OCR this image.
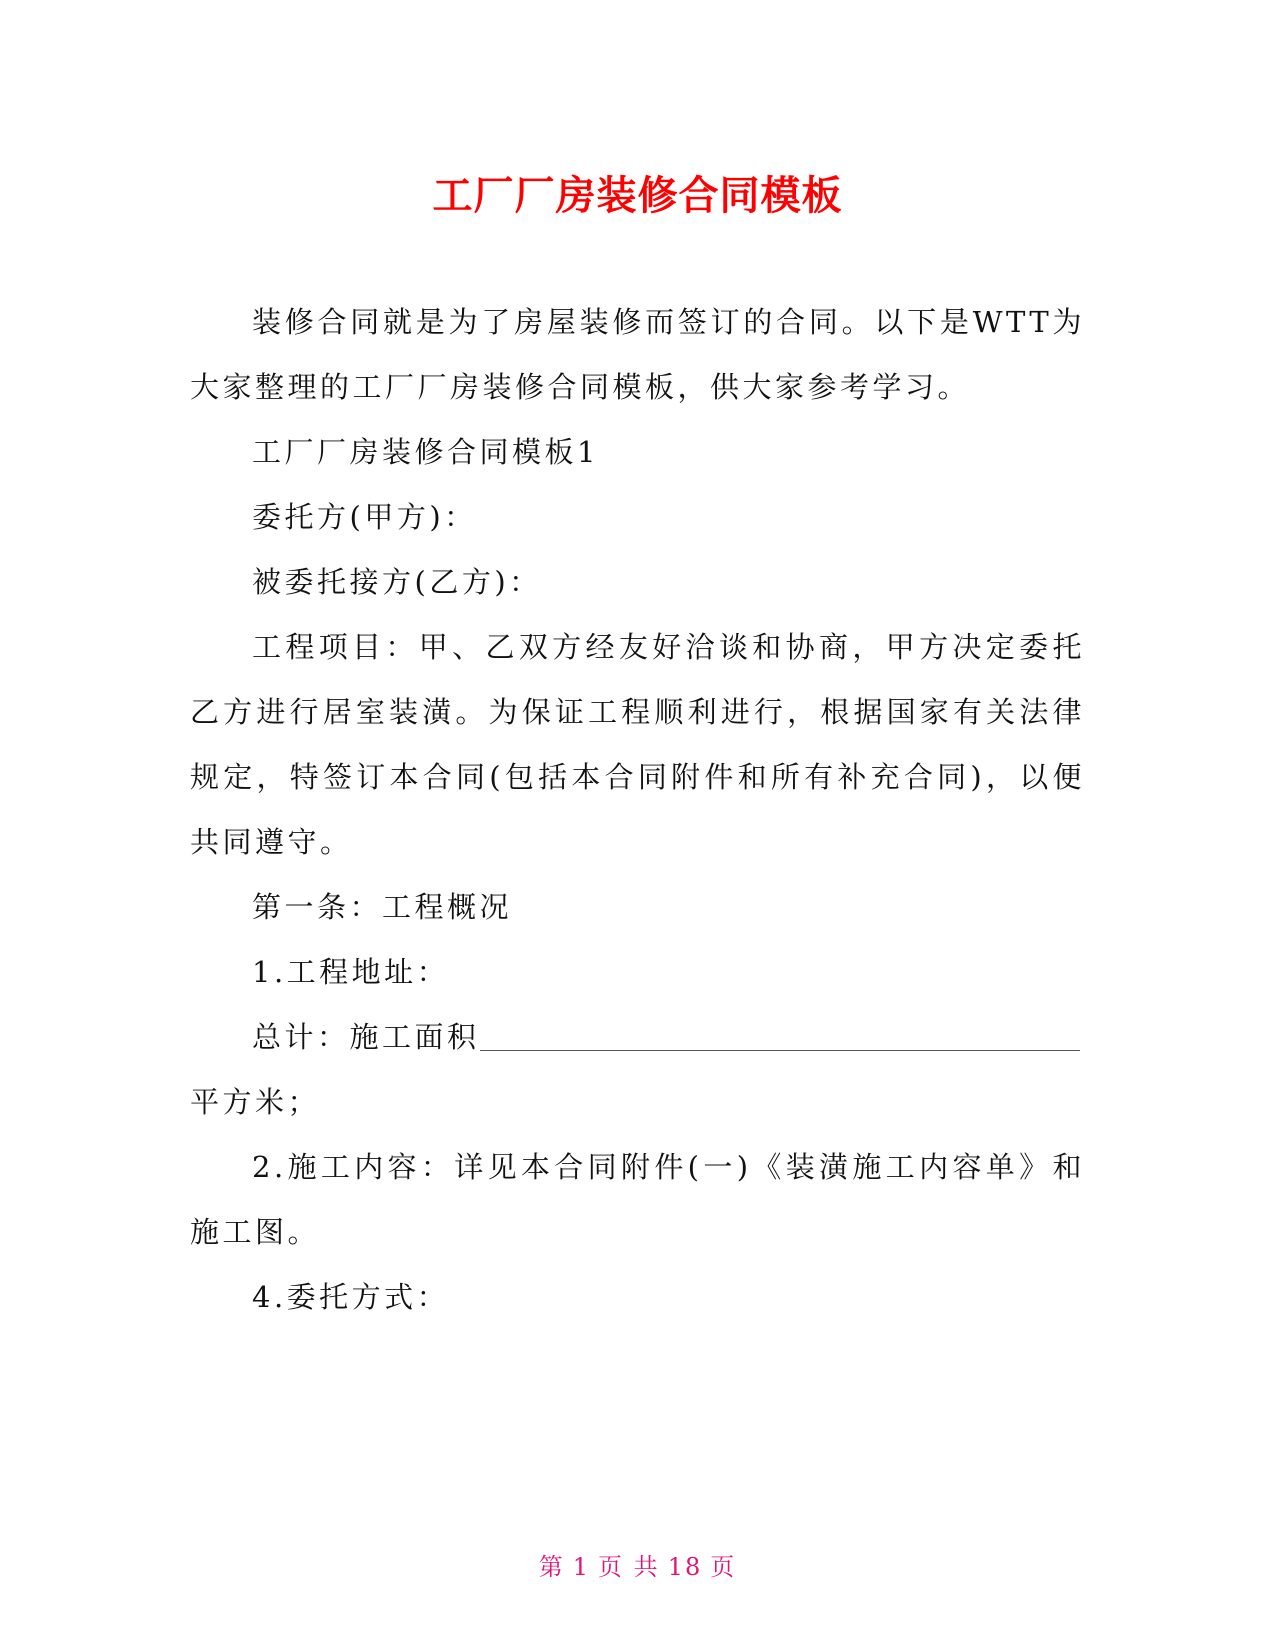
工厂厂房装修合同模板

装修合同就是为了房屋装修而签订的合同。以下是WTT为大家整理的工厂厂房装修合同模板，供大家参考学习。

工厂厂房装修合同模板1

委托方(甲方)：

被委托接方(乙方)：

工程项目：甲、乙双方经友好洽谈和协商，甲方决定委托乙方进行居室装潢。为保证工程顺利进行，根据国家有关法律规定，特签订本合同(包括本合同附件和所有补充合同)，以便共同遵守。

第一条：工程概况

1.工程地址：

总计：施工面积

平方米；

2.施工内容：详见本合同附件(一)《装潢施工内容单》和施工图。

4.委托方式：

第 1 页 共 18 页
